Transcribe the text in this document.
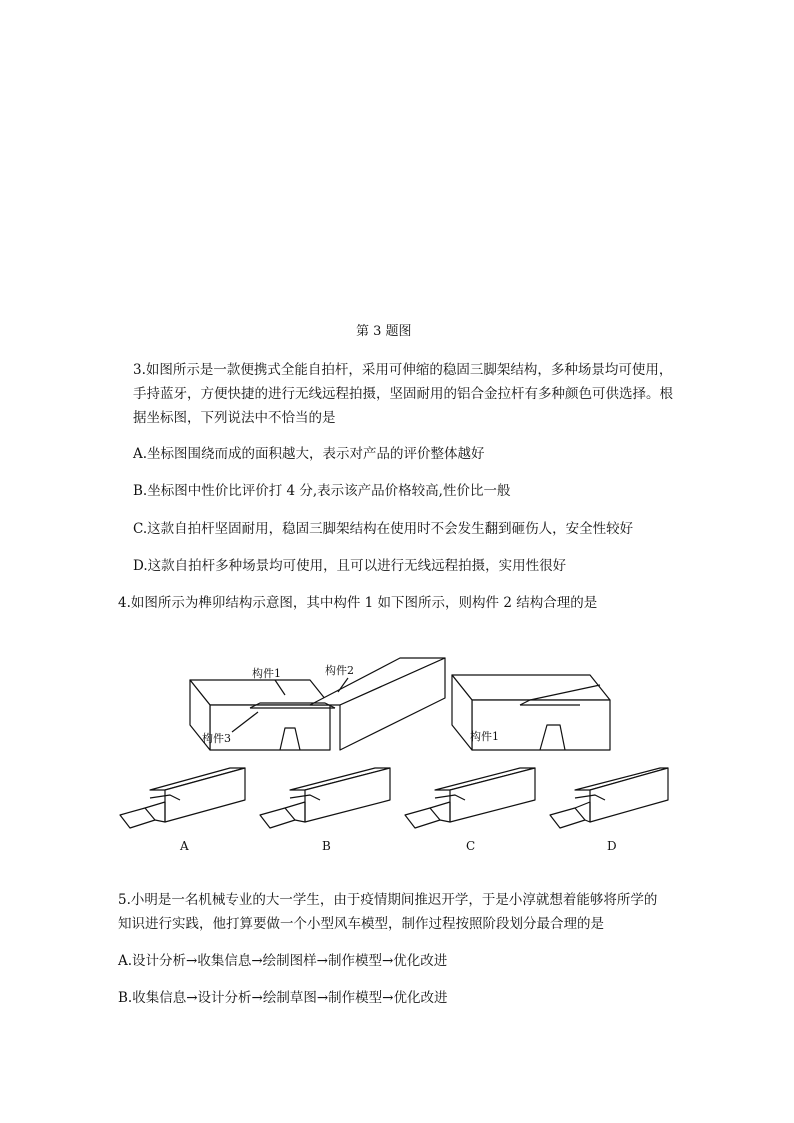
第 3 题图
3.如图所示是一款便携式全能自拍杆，采用可伸缩的稳固三脚架结构，多种场景均可使用，
手持蓝牙，方便快捷的进行无线远程拍摄，坚固耐用的铝合金拉杆有多种颜色可供选择。根
据坐标图，下列说法中不恰当的是
A.坐标图围绕而成的面积越大，表示对产品的评价整体越好
B.坐标图中性价比评价打 4 分,表示该产品价格较高,性价比一般
C.这款自拍杆坚固耐用，稳固三脚架结构在使用时不会发生翻到砸伤人，安全性较好
D.这款自拍杆多种场景均可使用，且可以进行无线远程拍摄，实用性很好
4.如图所示为榫卯结构示意图，其中构件 1 如下图所示，则构件 2 结构合理的是
构件1	构件2
构件3	构件1
A	B	C	D
5.小明是一名机械专业的大一学生，由于疫情期间推迟开学，于是小淳就想着能够将所学的
知识进行实践，他打算要做一个小型风车模型，制作过程按照阶段划分最合理的是
A.设计分析→收集信息→绘制图样→制作模型→优化改进
B.收集信息→设计分析→绘制草图→制作模型→优化改进
